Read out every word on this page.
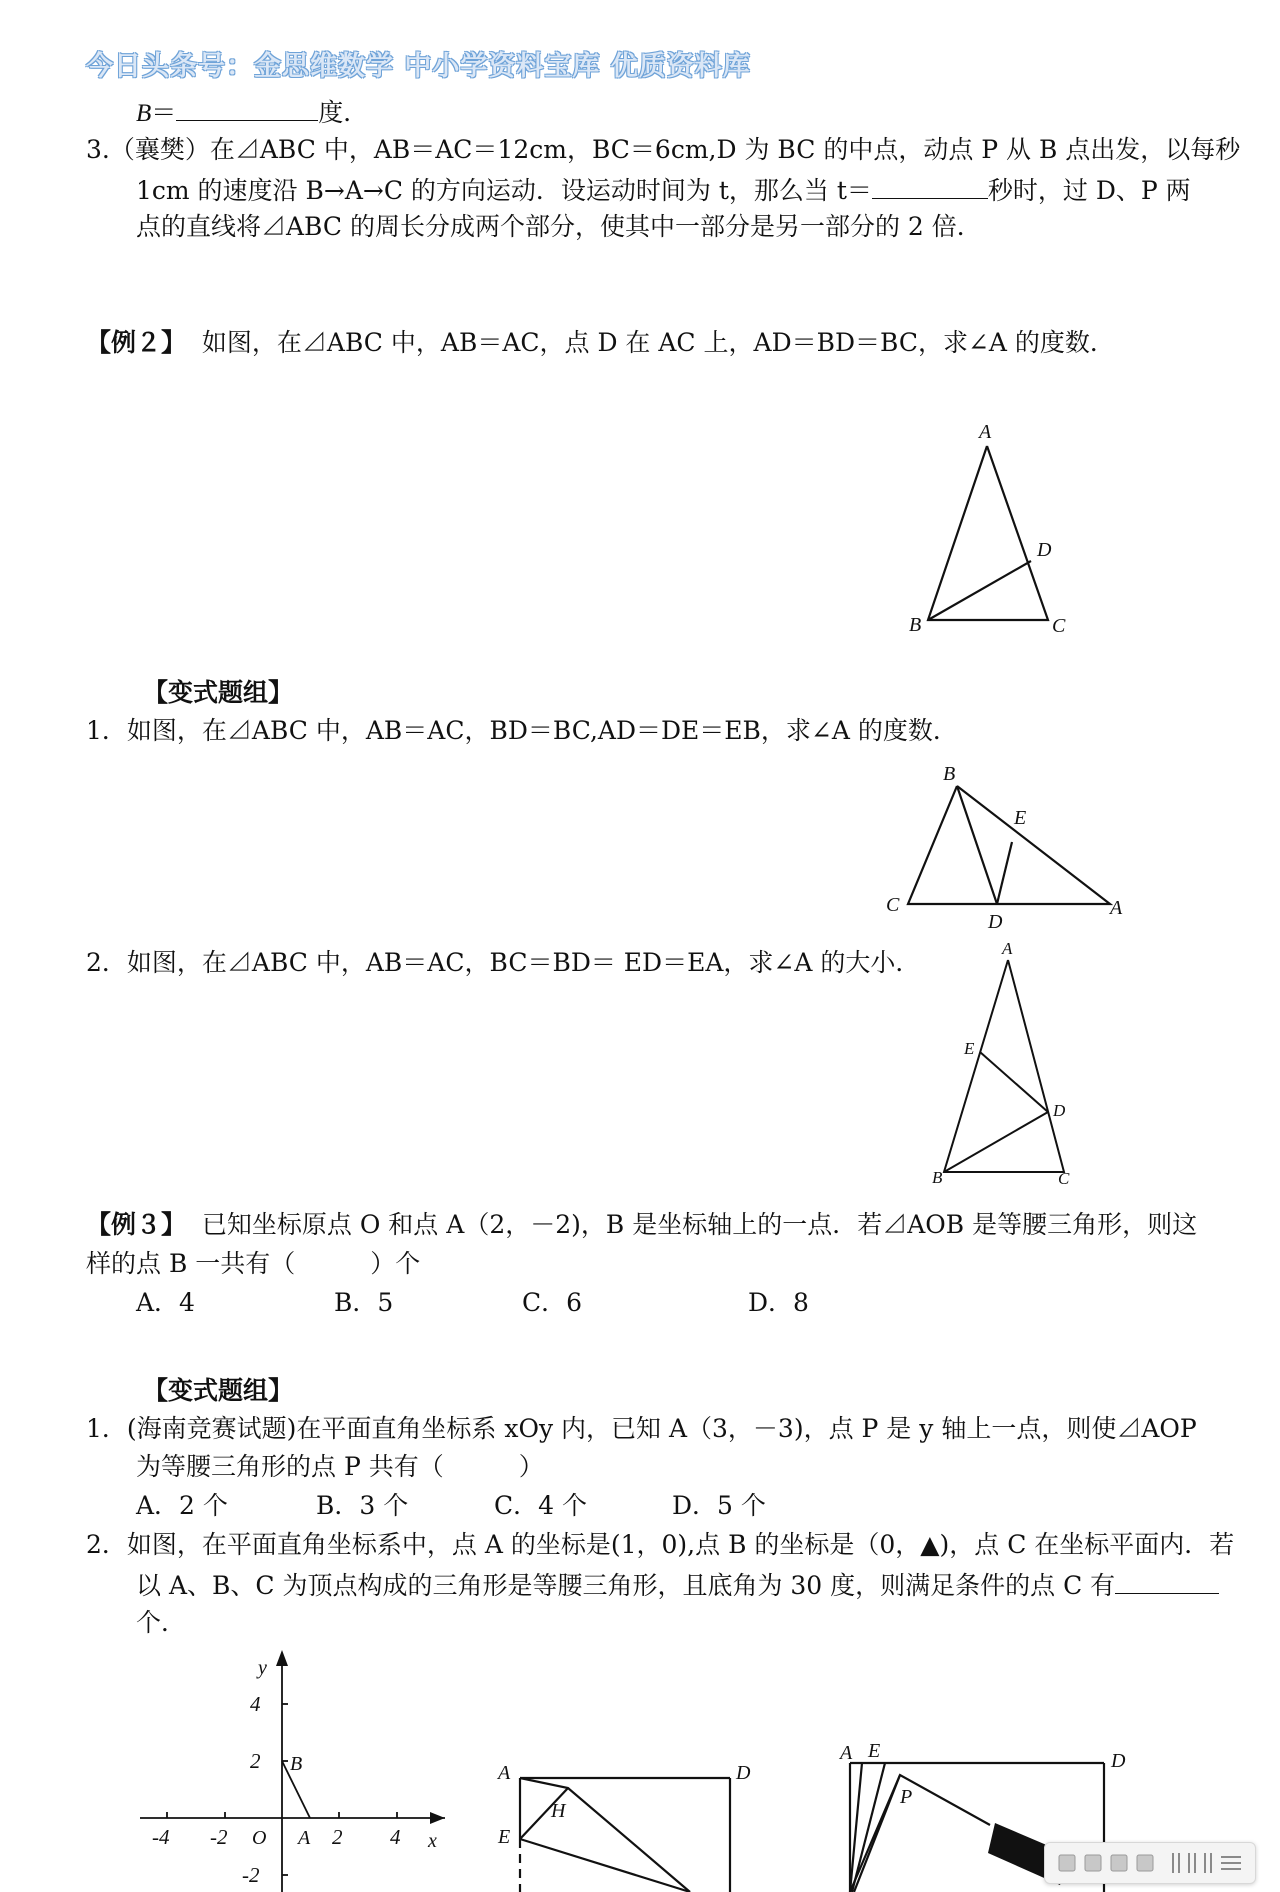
今日头条号：金思维数学 中小学资料宝库 优质资料库
B＝	度．
3.（襄樊）在⊿ABC 中，AB＝AC＝12cm，BC＝6cm,D 为 BC 的中点，动点 P 从 B 点出发，以每秒
1cm 的速度沿 B→A→C 的方向运动．设运动时间为 t，那么当 t＝	秒时，过 D、P 两
点的直线将⊿ABC 的周长分成两个部分，使其中一部分是另一部分的 2 倍．
【例２】 如图，在⊿ABC 中，AB＝AC，点 D 在 AC 上，AD＝BD＝BC，求∠A 的度数．
A
B	C
D
【变式题组】
1．如图，在⊿ABC 中，AB＝AC，BD＝BC,AD＝DE＝EB，求∠A 的度数．
B
E
C
D
A
2．如图，在⊿ABC 中，AB＝AC，BC＝BD＝ ED＝EA，求∠A 的大小．	A
E
D
B	C
【例３】 已知坐标原点 O 和点 A（2，－2)，B 是坐标轴上的一点．若⊿AOB 是等腰三角形，则这
样的点 B 一共有（　　　）个
A．4	B．5	C．6	D．8
【变式题组】
1．(海南竞赛试题)在平面直角坐标系 xOy 内，已知 A（3，－3)，点 P 是 y 轴上一点，则使⊿AOP
为等腰三角形的点 P 共有（　　　）
A．2 个	B．3 个	C．4 个	D．5 个
2．如图，在平面直角坐标系中，点 A 的坐标是(1，0),点 B 的坐标是（0，▲)，点 C 在坐标平面内．若
以 A、B、C 为顶点构成的三角形是等腰三角形，且底角为 30 度，则满足条件的点 C 有
个．
y
x
O
B
A
4
2
-2
-4 -2	2 4
A	D
E
H
A E	D
P
